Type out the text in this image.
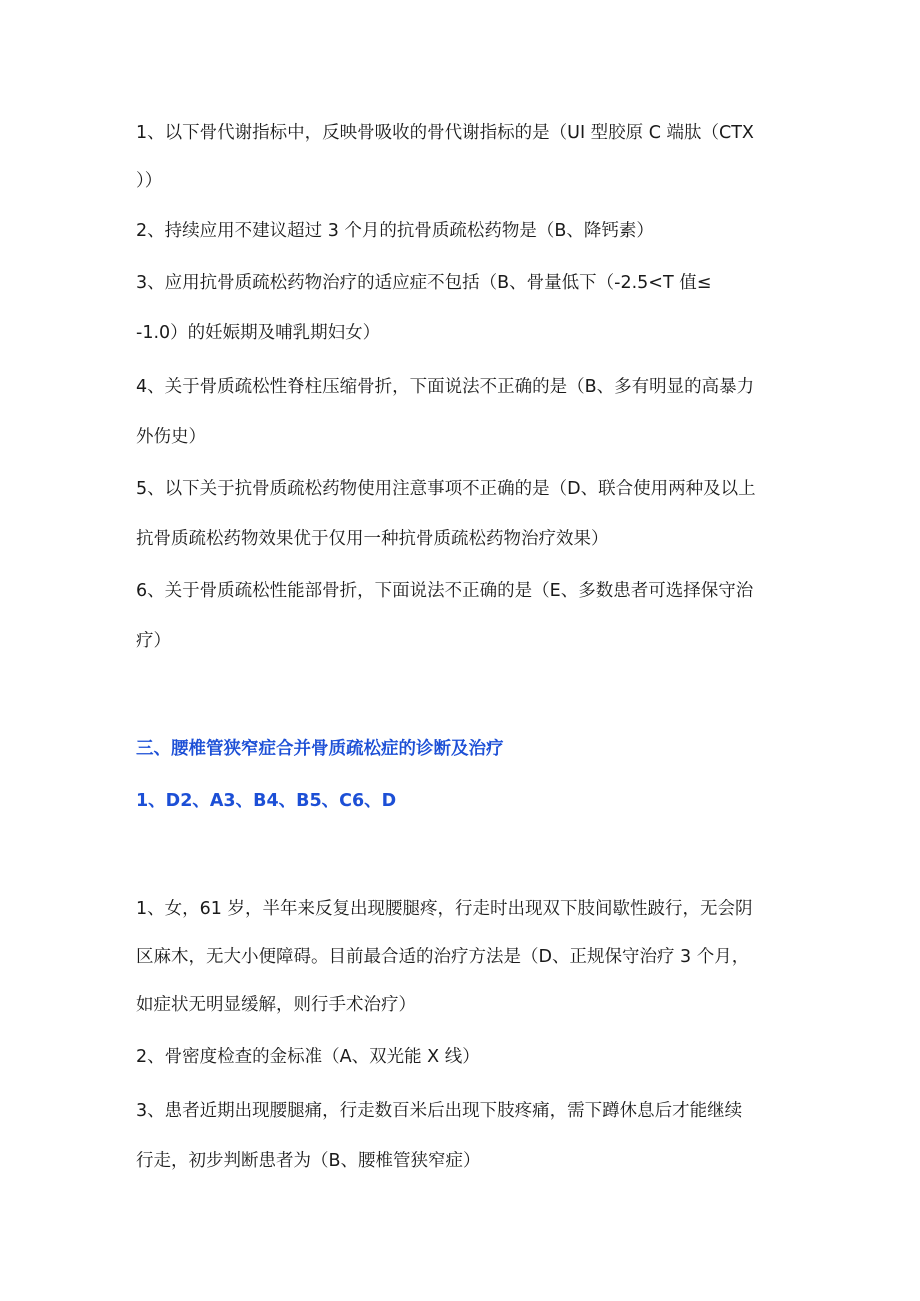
1、以下骨代谢指标中，反映骨吸收的骨代谢指标的是（UI 型胶原 C 端肽（CTX
））
2、持续应用不建议超过 3 个月的抗骨质疏松药物是（B、降钙素）
3、应用抗骨质疏松药物治疗的适应症不包括（B、骨量低下（-2.5<T 值≤
-1.0）的妊娠期及哺乳期妇女）
4、关于骨质疏松性脊柱压缩骨折，下面说法不正确的是（B、多有明显的高暴力
外伤史）
5、以下关于抗骨质疏松药物使用注意事项不正确的是（D、联合使用两种及以上
抗骨质疏松药物效果优于仅用一种抗骨质疏松药物治疗效果）
6、关于骨质疏松性能部骨折，下面说法不正确的是（E、多数患者可选择保守治
疗）
三、腰椎管狭窄症合并骨质疏松症的诊断及治疗
1、D2、A3、B4、B5、C6、D
1、女，61 岁，半年来反复出现腰腿疼，行走时出现双下肢间歇性跛行，无会阴
区麻木，无大小便障碍。目前最合适的治疗方法是（D、正规保守治疗 3 个月，
如症状无明显缓解，则行手术治疗）
2、骨密度检查的金标准（A、双光能 X 线）
3、患者近期出现腰腿痛，行走数百米后出现下肢疼痛，需下蹲休息后才能继续
行走，初步判断患者为（B、腰椎管狭窄症）
